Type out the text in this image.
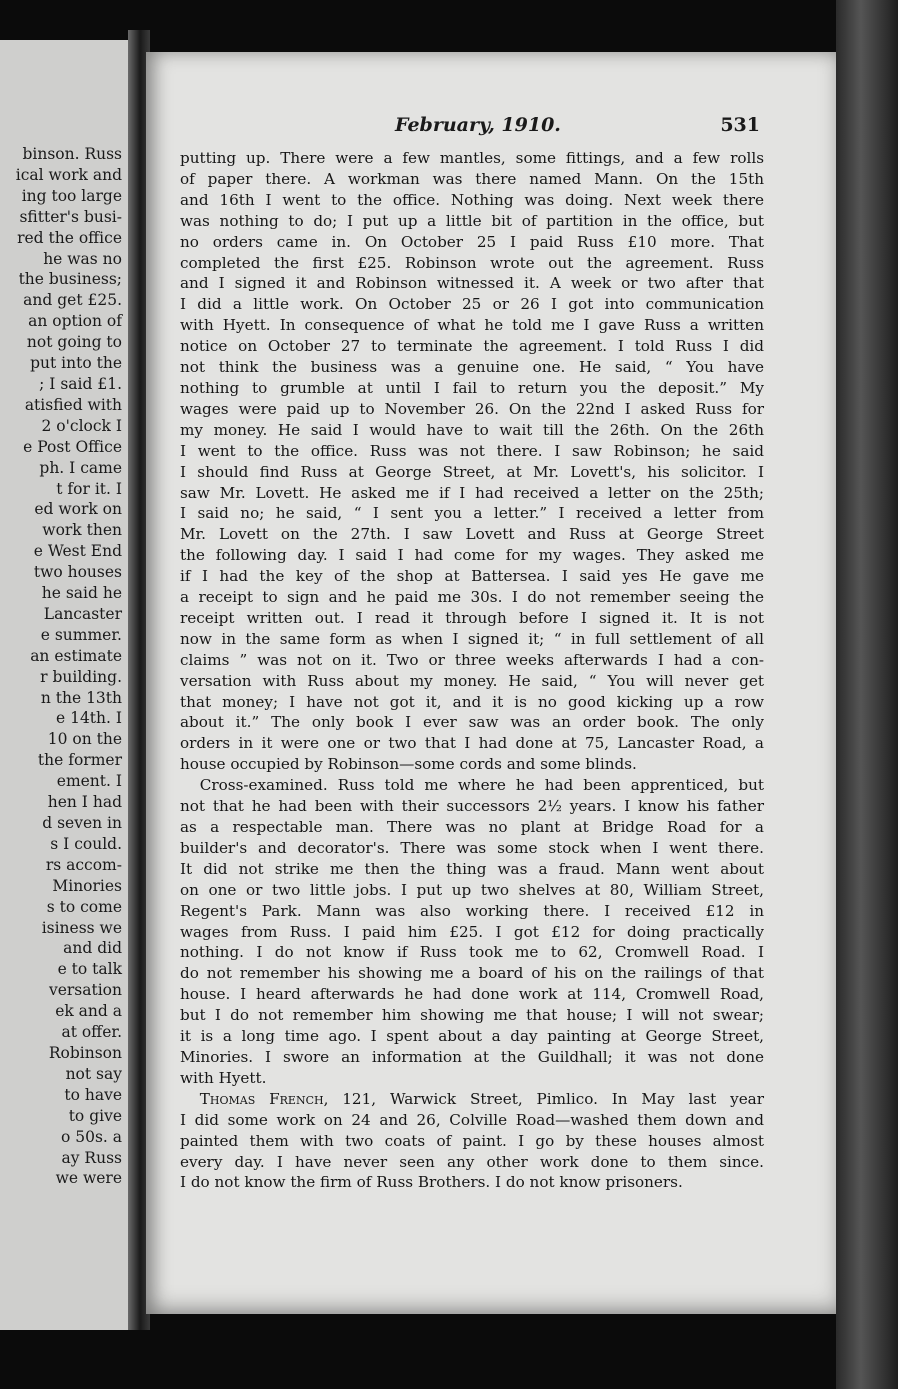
binson. Russ
ical work and
ing too large
sfitter's busi-
red the office
he was no
the business;
and get £25.
an option of
not going to
put into the
; I said £1.
atisfied with
2 o'clock I
e Post Office
ph. I came
t for it. I
ed work on
work then
e West End
two houses
he said he
Lancaster
e summer.
an estimate
r building.
n the 13th
e 14th. I
10 on the
the former
ement. I
hen I had
d seven in
s I could.
rs accom-
Minories
s to come
isiness we
and did
e to talk
versation
ek and a
at offer.
Robinson
not say
to have
to give
o 50s. a
ay Russ
we were
February, 1910.	531

putting up. There were a few mantles, some fittings, and a few rolls

of paper there. A workman was there named Mann. On the 15th

and 16th I went to the office. Nothing was doing. Next week there

was nothing to do; I put up a little bit of partition in the office, but

no orders came in. On October 25 I paid Russ £10 more. That

completed the first £25. Robinson wrote out the agreement. Russ

and I signed it and Robinson witnessed it. A week or two after that

I did a little work. On October 25 or 26 I got into communication

with Hyett. In consequence of what he told me I gave Russ a written

notice on October 27 to terminate the agreement. I told Russ I did

not think the business was a genuine one. He said, “ You have

nothing to grumble at until I fail to return you the deposit.” My

wages were paid up to November 26. On the 22nd I asked Russ for

my money. He said I would have to wait till the 26th. On the 26th

I went to the office. Russ was not there. I saw Robinson; he said

I should find Russ at George Street, at Mr. Lovett's, his solicitor. I

saw Mr. Lovett. He asked me if I had received a letter on the 25th;

I said no; he said, “ I sent you a letter.” I received a letter from

Mr. Lovett on the 27th. I saw Lovett and Russ at George Street

the following day. I said I had come for my wages. They asked me

if I had the key of the shop at Battersea. I said yes He gave me

a receipt to sign and he paid me 30s. I do not remember seeing the

receipt written out. I read it through before I signed it. It is not

now in the same form as when I signed it; “ in full settlement of all

claims ” was not on it. Two or three weeks afterwards I had a con-

versation with Russ about my money. He said, “ You will never get

that money; I have not got it, and it is no good kicking up a row

about it.” The only book I ever saw was an order book. The only

orders in it were one or two that I had done at 75, Lancaster Road, a

house occupied by Robinson—some cords and some blinds.

Cross-examined. Russ told me where he had been apprenticed, but

not that he had been with their successors 2½ years. I know his father

as a respectable man. There was no plant at Bridge Road for a

builder's and decorator's. There was some stock when I went there.

It did not strike me then the thing was a fraud. Mann went about

on one or two little jobs. I put up two shelves at 80, William Street,

Regent's Park. Mann was also working there. I received £12 in

wages from Russ. I paid him £25. I got £12 for doing practically

nothing. I do not know if Russ took me to 62, Cromwell Road. I

do not remember his showing me a board of his on the railings of that

house. I heard afterwards he had done work at 114, Cromwell Road,

but I do not remember him showing me that house; I will not swear;

it is a long time ago. I spent about a day painting at George Street,

Minories. I swore an information at the Guildhall; it was not done

with Hyett.

Thomas French, 121, Warwick Street, Pimlico. In May last year

I did some work on 24 and 26, Colville Road—washed them down and

painted them with two coats of paint. I go by these houses almost

every day. I have never seen any other work done to them since.

I do not know the firm of Russ Brothers. I do not know prisoners.
